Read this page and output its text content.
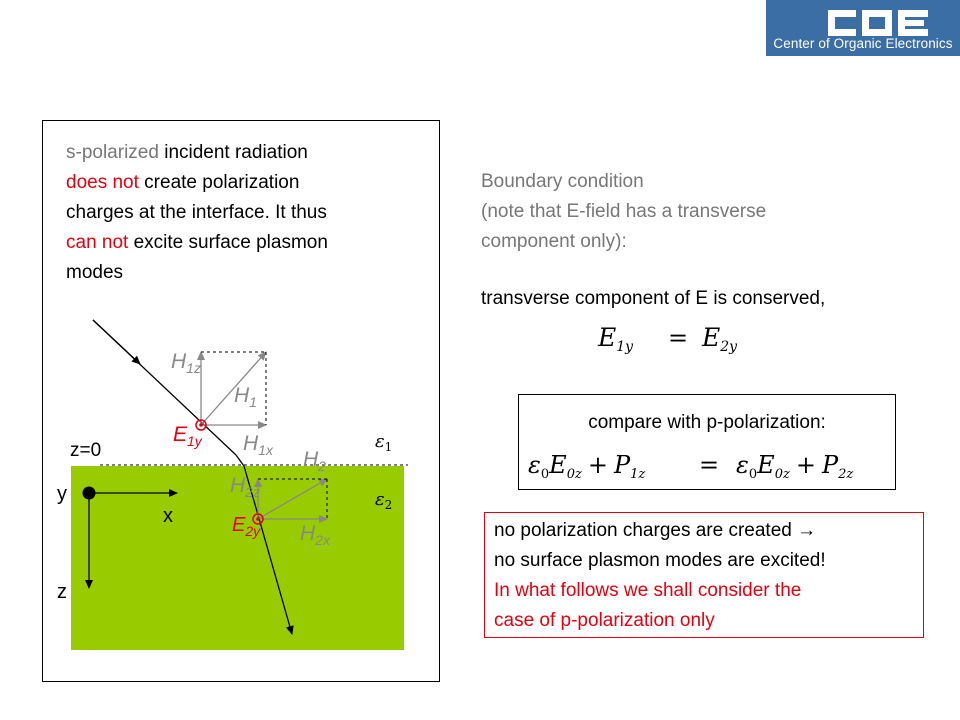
Center of Organic Electronics
s-polarized incident radiation
does not create polarization
charges at the interface. It thus
can not excite surface plasmon
modes
z=0
y
x
z
$\varepsilon_1$
$\varepsilon_2$
$H_{1z}$
$H_1$
$H_{1x}$ $H_2$
$H_{2z}$
$H_{2x}$
$E_{1y}$
$E_{2y}$
Boundary condition
(note that E-field has a transverse
component only):
transverse component of E is conserved,
$E_{1y} = E_{2y}$
compare with p-polarization:
$\varepsilon_0E_{0z} + P_{1z} = \varepsilon_0E_{0z} + P_{2z}$
no polarization charges are created →
no surface plasmon modes are excited!
In what follows we shall consider the
case of p-polarization only
